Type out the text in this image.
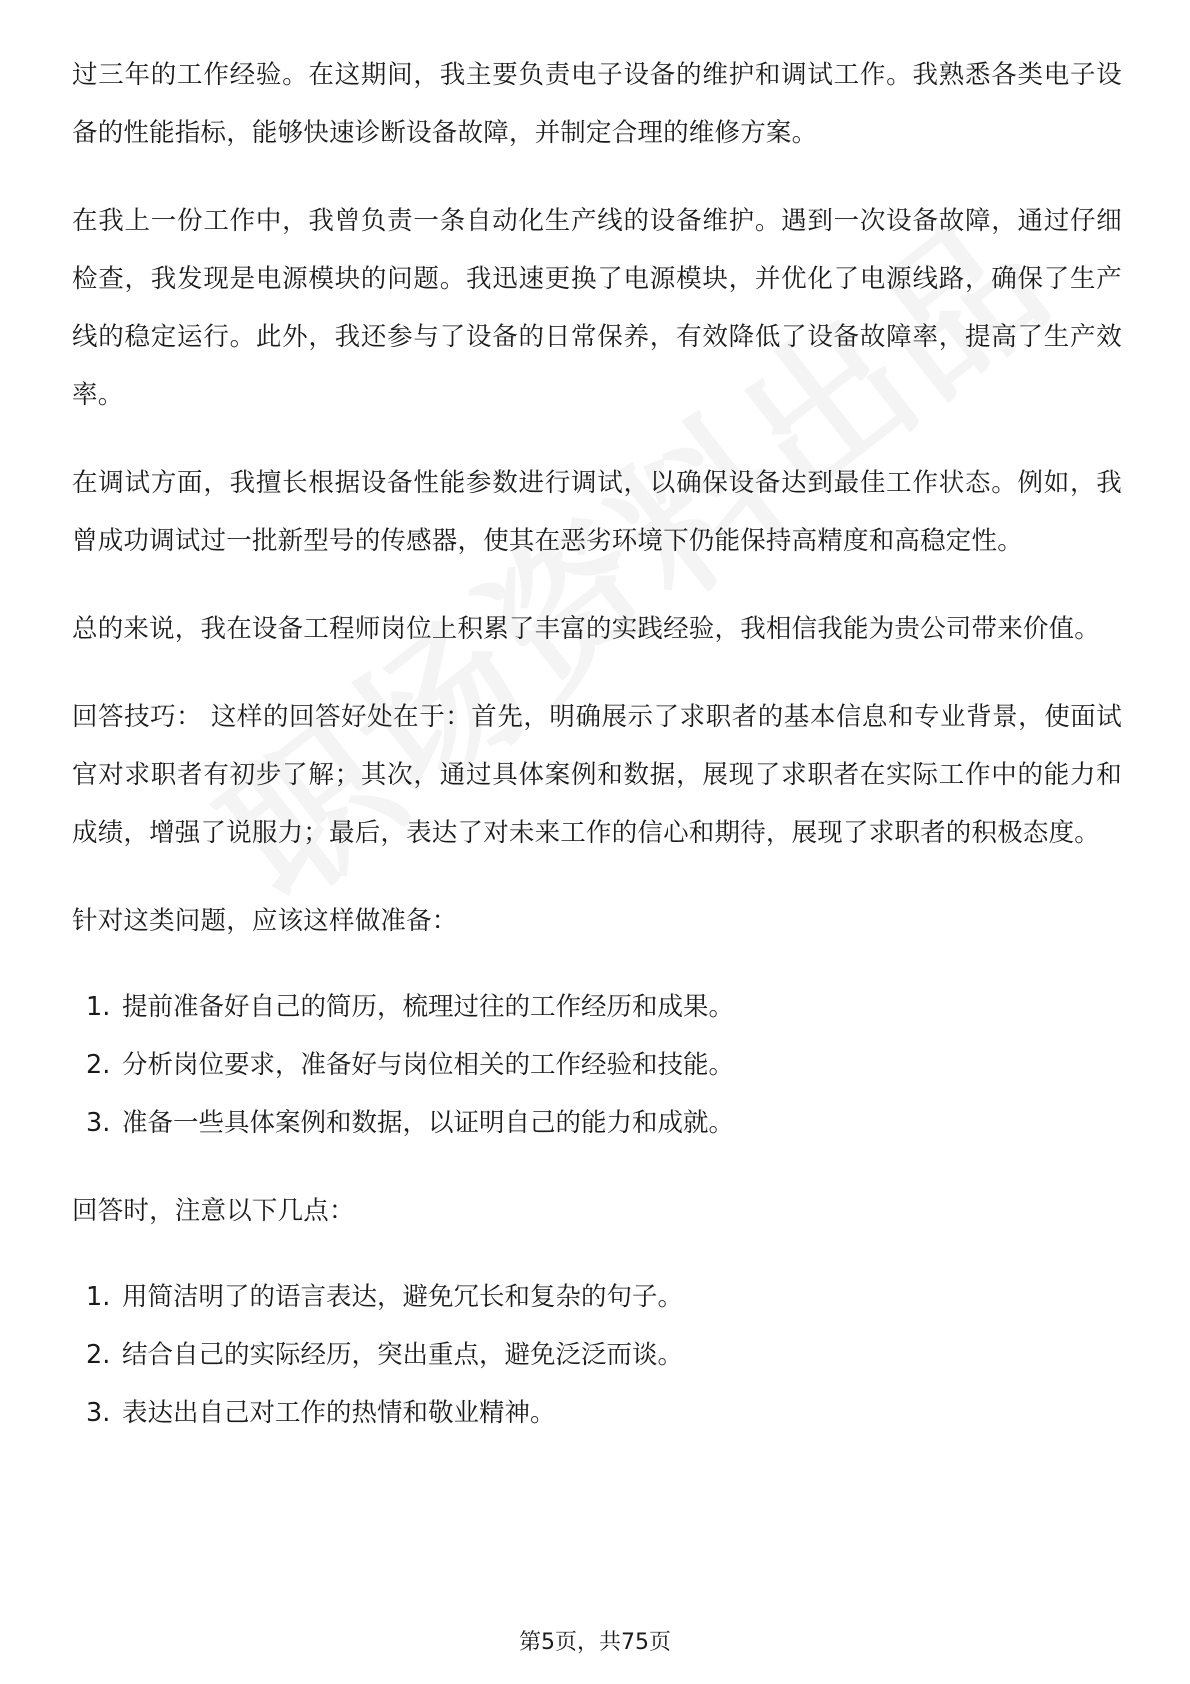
过三年的工作经验。在这期间，我主要负责电子设备的维护和调试工作。我熟悉各类电子设备的性能指标，能够快速诊断设备故障，并制定合理的维修方案。

在我上一份工作中，我曾负责一条自动化生产线的设备维护。遇到一次设备故障，通过仔细检查，我发现是电源模块的问题。我迅速更换了电源模块，并优化了电源线路，确保了生产线的稳定运行。此外，我还参与了设备的日常保养，有效降低了设备故障率，提高了生产效率。

在调试方面，我擅长根据设备性能参数进行调试，以确保设备达到最佳工作状态。例如，我曾成功调试过一批新型号的传感器，使其在恶劣环境下仍能保持高精度和高稳定性。

总的来说，我在设备工程师岗位上积累了丰富的实践经验，我相信我能为贵公司带来价值。

回答技巧： 这样的回答好处在于：首先，明确展示了求职者的基本信息和专业背景，使面试官对求职者有初步了解；其次，通过具体案例和数据，展现了求职者在实际工作中的能力和成绩，增强了说服力；最后，表达了对未来工作的信心和期待，展现了求职者的积极态度。

针对这类问题，应该这样做准备：

1. 提前准备好自己的简历，梳理过往的工作经历和成果。
2. 分析岗位要求，准备好与岗位相关的工作经验和技能。
3. 准备一些具体案例和数据，以证明自己的能力和成就。

回答时，注意以下几点：

1. 用简洁明了的语言表达，避免冗长和复杂的句子。
2. 结合自己的实际经历，突出重点，避免泛泛而谈。
3. 表达出自己对工作的热情和敬业精神。
第5页，共75页
